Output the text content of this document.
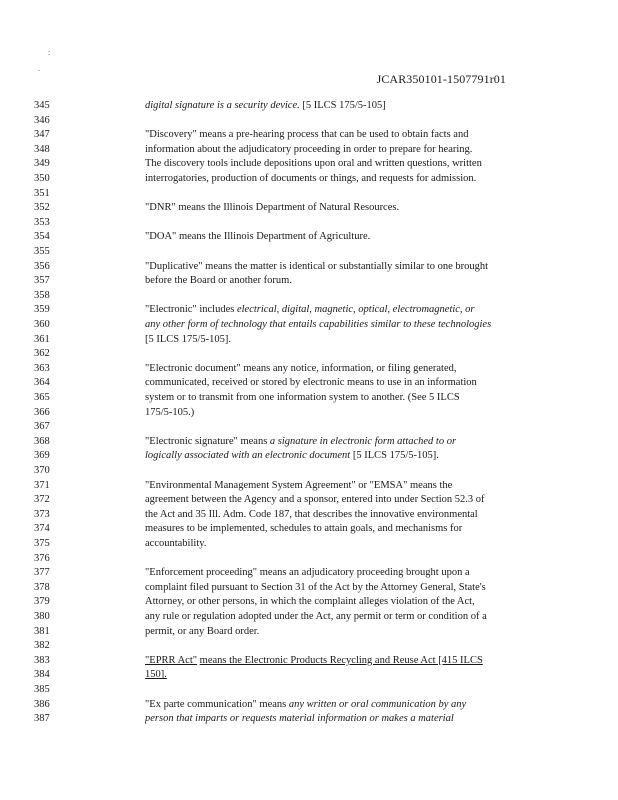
:
.
JCAR350101-1507791r01
345	digital signature is a security device. [5 ILCS 175/5-105]
346
347	"Discovery" means a pre-hearing process that can be used to obtain facts and
348	information about the adjudicatory proceeding in order to prepare for hearing.
349	The discovery tools include depositions upon oral and written questions, written
350	interrogatories, production of documents or things, and requests for admission.
351
352	"DNR" means the Illinois Department of Natural Resources.
353
354	"DOA" means the Illinois Department of Agriculture.
355
356	"Duplicative" means the matter is identical or substantially similar to one brought
357	before the Board or another forum.
358
359	"Electronic" includes electrical, digital, magnetic, optical, electromagnetic, or
360	any other form of technology that entails capabilities similar to these technologies
361	[5 ILCS 175/5-105].
362
363	"Electronic document" means any notice, information, or filing generated,
364	communicated, received or stored by electronic means to use in an information
365	system or to transmit from one information system to another. (See 5 ILCS
366	175/5-105.)
367
368	"Electronic signature" means a signature in electronic form attached to or
369	logically associated with an electronic document [5 ILCS 175/5-105].
370
371	"Environmental Management System Agreement" or "EMSA" means the
372	agreement between the Agency and a sponsor, entered into under Section 52.3 of
373	the Act and 35 Ill. Adm. Code 187, that describes the innovative environmental
374	measures to be implemented, schedules to attain goals, and mechanisms for
375	accountability.
376
377	"Enforcement proceeding" means an adjudicatory proceeding brought upon a
378	complaint filed pursuant to Section 31 of the Act by the Attorney General, State's
379	Attorney, or other persons, in which the complaint alleges violation of the Act,
380	any rule or regulation adopted under the Act, any permit or term or condition of a
381	permit, or any Board order.
382
383	"EPRR Act" means the Electronic Products Recycling and Reuse Act [415 ILCS
384	150].
385
386	"Ex parte communication" means any written or oral communication by any
387	person that imparts or requests material information or makes a material
